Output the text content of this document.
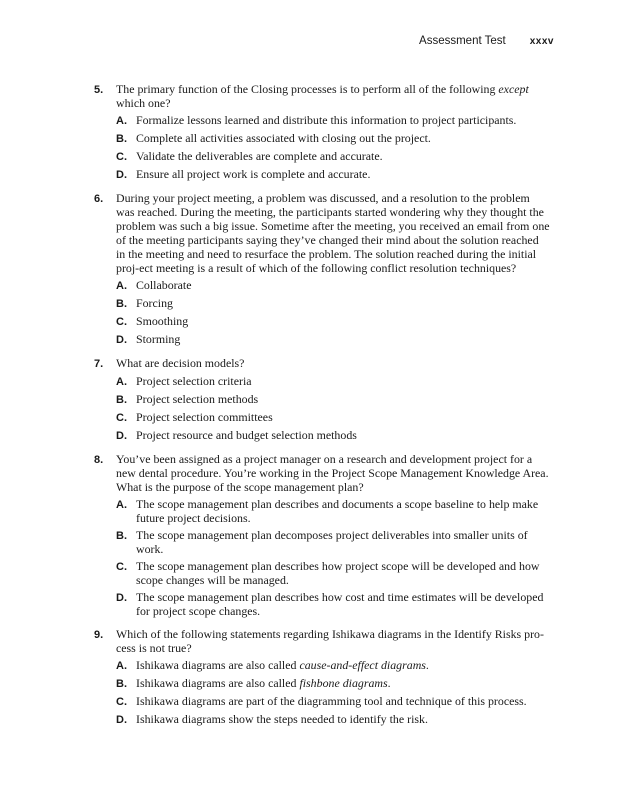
Assessment Test xxxv
5.	The primary function of the Closing processes is to perform all of the following except which one?
A. Formalize lessons learned and distribute this information to project participants.
B. Complete all activities associated with closing out the project.
C. Validate the deliverables are complete and accurate.
D. Ensure all project work is complete and accurate.
6.	During your project meeting, a problem was discussed, and a resolution to the problem was reached. During the meeting, the participants started wondering why they thought the problem was such a big issue. Sometime after the meeting, you received an email from one of the meeting participants saying they’ve changed their mind about the solution reached in the meeting and need to resurface the problem. The solution reached during the initial proj-ect meeting is a result of which of the following conflict resolution techniques?
A. Collaborate
B. Forcing
C. Smoothing
D. Storming
7.	What are decision models?
A. Project selection criteria
B. Project selection methods
C. Project selection committees
D. Project resource and budget selection methods
8.	You’ve been assigned as a project manager on a research and development project for a new dental procedure. You’re working in the Project Scope Management Knowledge Area. What is the purpose of the scope management plan?
A. The scope management plan describes and documents a scope baseline to help make future project decisions.
B. The scope management plan decomposes project deliverables into smaller units of work.
C. The scope management plan describes how project scope will be developed and how scope changes will be managed.
D. The scope management plan describes how cost and time estimates will be developed for project scope changes.
9.	Which of the following statements regarding Ishikawa diagrams in the Identify Risks pro-cess is not true?
A. Ishikawa diagrams are also called cause-and-effect diagrams.
B. Ishikawa diagrams are also called fishbone diagrams.
C. Ishikawa diagrams are part of the diagramming tool and technique of this process.
D. Ishikawa diagrams show the steps needed to identify the risk.
